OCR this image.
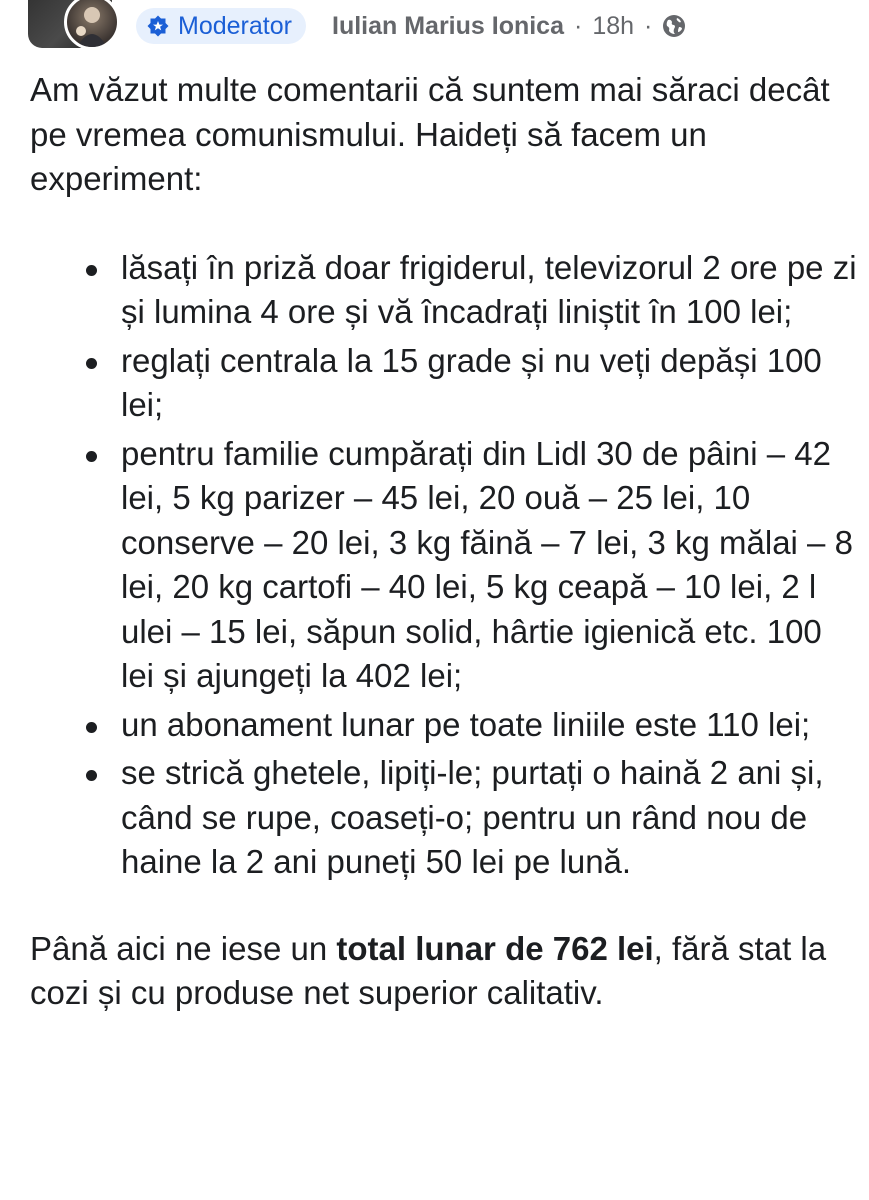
Moderator Iulian Marius Ionica · 18h ·

Am văzut multe comentarii că suntem mai săraci decât pe vremea comunismului. Haideți să facem un experiment:

lăsați în priză doar frigiderul, televizorul 2 ore pe zi și lumina 4 ore și vă încadrați liniștit în 100 lei;
reglați centrala la 15 grade și nu veți depăși 100 lei;
pentru familie cumpărați din Lidl 30 de pâini – 42 lei, 5 kg parizer – 45 lei, 20 ouă – 25 lei, 10 conserve – 20 lei, 3 kg făină – 7 lei, 3 kg mălai – 8 lei, 20 kg cartofi – 40 lei, 5 kg ceapă – 10 lei, 2 l ulei – 15 lei, săpun solid, hârtie igienică etc. 100 lei și ajungeți la 402 lei;
un abonament lunar pe toate liniile este 110 lei;
se strică ghetele, lipiți-le; purtați o haină 2 ani și, când se rupe, coaseți-o; pentru un rând nou de haine la 2 ani puneți 50 lei pe lună.

Până aici ne iese un total lunar de 762 lei, fără stat la cozi și cu produse net superior calitativ.
